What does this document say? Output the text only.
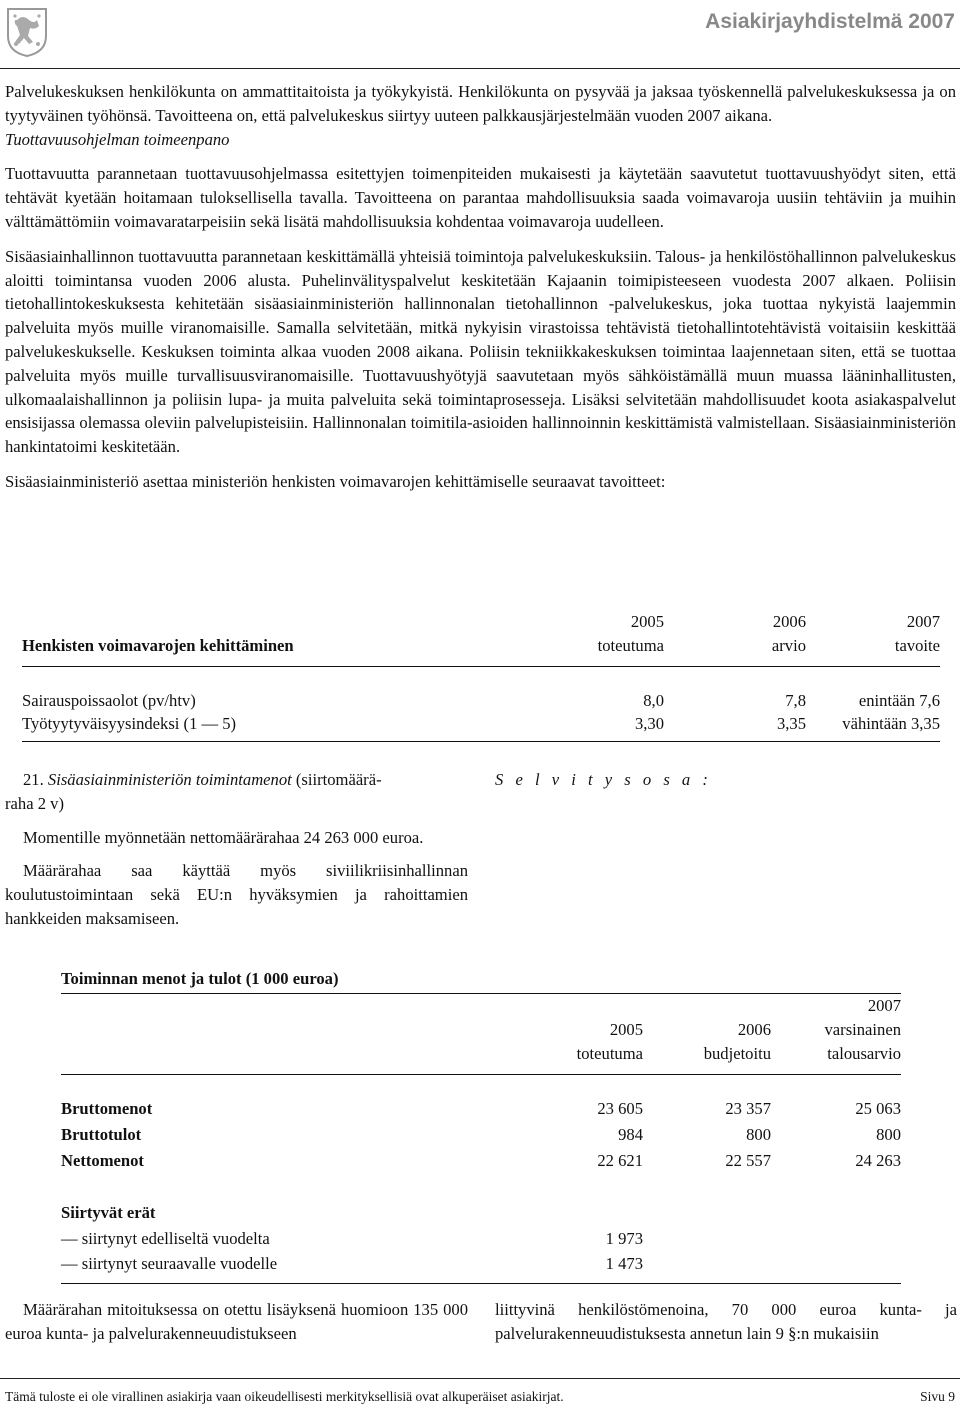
Asiakirjayhdistelmä 2007

Palvelukeskuksen henkilökunta on ammattitaitoista ja työkykyistä. Henkilökunta on pysyvää ja jaksaa työskennellä palvelukeskuksessa ja on tyytyväinen työhönsä. Tavoitteena on, että palvelukeskus siirtyy uuteen palkkausjärjestelmään vuoden 2007 aikana.

Tuottavuusohjelman toimeenpano

Tuottavuutta parannetaan tuottavuusohjelmassa esitettyjen toimenpiteiden mukaisesti ja käytetään saavutetut tuottavuushyödyt siten, että tehtävät kyetään hoitamaan tuloksellisella tavalla. Tavoitteena on parantaa mahdollisuuksia saada voimavaroja uusiin tehtäviin ja muihin välttämättömiin voimavaratarpeisiin sekä lisätä mahdollisuuksia kohdentaa voimavaroja uudelleen.

Sisäasiainhallinnon tuottavuutta parannetaan keskittämällä yhteisiä toimintoja palvelukeskuksiin. Talous- ja henkilöstöhallinnon palvelukeskus aloitti toimintansa vuoden 2006 alusta. Puhelinvälityspalvelut keskitetään Kajaanin toimipisteeseen vuodesta 2007 alkaen. Poliisin tietohallintokeskuksesta kehitetään sisäasiainministeriön hallinnonalan tietohallinnon -palvelukeskus, joka tuottaa nykyistä laajemmin palveluita myös muille viranomaisille. Samalla selvitetään, mitkä nykyisin virastoissa tehtävistä tietohallintotehtävistä voitaisiin keskittää palvelukeskukselle. Keskuksen toiminta alkaa vuoden 2008 aikana. Poliisin tekniikkakeskuksen toimintaa laajennetaan siten, että se tuottaa palveluita myös muille turvallisuusviranomaisille. Tuottavuushyötyjä saavutetaan myös sähköistämällä muun muassa lääninhallitusten, ulkomaalaishallinnon ja poliisin lupa- ja muita palveluita sekä toimintaprosesseja. Lisäksi selvitetään mahdollisuudet koota asiakaspalvelut ensisijassa olemassa oleviin palvelupisteisiin. Hallinnonalan toimitila-asioiden hallinnoinnin keskittämistä valmistellaan. Sisäasiainministeriön hankintatoimi keskitetään.

Sisäasiainministeriö asettaa ministeriön henkisten voimavarojen kehittämiselle seuraavat tavoitteet:

	2005	2006	2007
Henkisten voimavarojen kehittäminen	toteutuma	arvio	tavoite

Sairauspoissaolot (pv/htv)	8,0	7,8	enintään 7,6
Työtyytyväisyysindeksi (1 — 5)	3,30	3,35	vähintään 3,35

21. Sisäasiainministeriön toimintamenot (siirtomäärä-

raha 2 v)

Momentille myönnetään nettomäärärahaa 24 263 000 euroa.

Määrärahaa saa käyttää myös siviilikriisinhallinnan koulutustoimintaan sekä EU:n hyväksymien ja rahoittamien hankkeiden maksamiseen.

S e l v i t y s o s a :
Toiminnan menot ja tulot (1 000 euroa)
			2007
	2005	2006	varsinainen
	toteutuma	budjetoitu	talousarvio

Bruttomenot	23 605	23 357	25 063
Bruttotulot	984	800	800
Nettomenot	22 621	22 557	24 263

Siirtyvät erät			
— siirtynyt edelliseltä vuodelta	1 973		
— siirtynyt seuraavalle vuodelle	1 473		

Määrärahan mitoituksessa on otettu lisäyksenä huomioon 135 000 euroa kunta- ja palvelurakenneuudistukseen

liittyvinä henkilöstömenoina, 70 000 euroa kunta- ja palvelurakenneuudistuksesta annetun lain 9 §:n mukaisiin

Tämä tuloste ei ole virallinen asiakirja vaan oikeudellisesti merkityksellisiä ovat alkuperäiset asiakirjat.	Sivu 9
